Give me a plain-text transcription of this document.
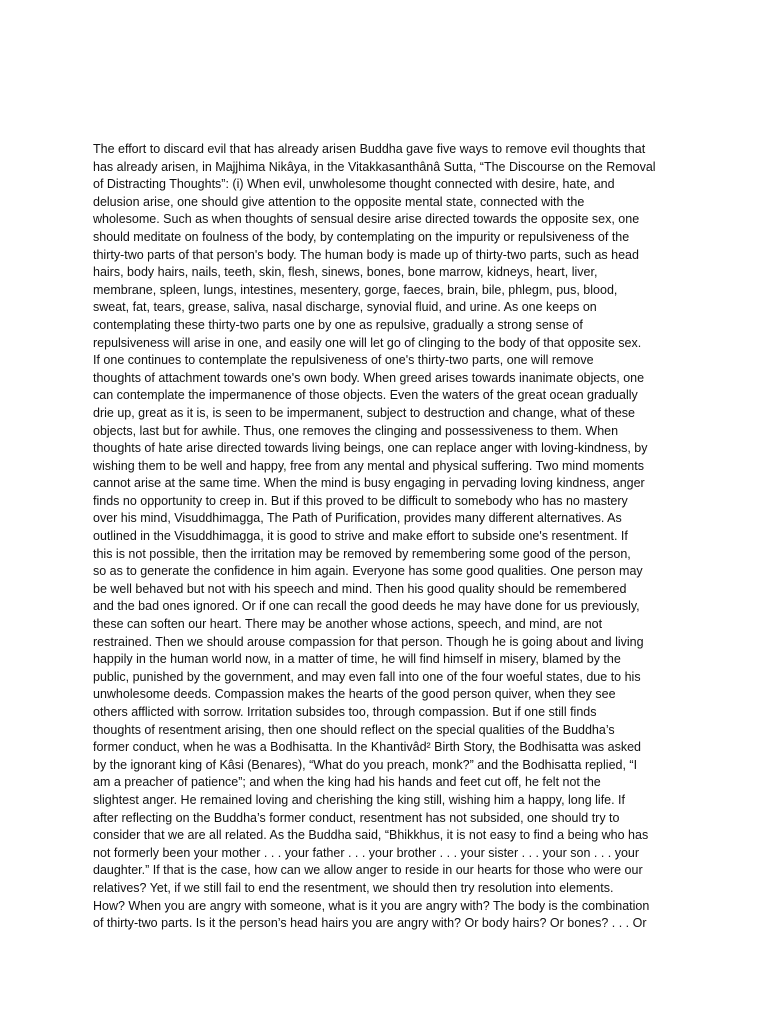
The effort to discard evil that has already arisen Buddha gave five ways to remove evil thoughts that
has already arisen, in Majjhima Nikâya, in the Vitakkasanthânâ Sutta, “The Discourse on the Removal
of Distracting Thoughts”: (i) When evil, unwholesome thought connected with desire, hate, and
delusion arise, one should give attention to the opposite mental state, connected with the
wholesome. Such as when thoughts of sensual desire arise directed towards the opposite sex, one
should meditate on foulness of the body, by contemplating on the impurity or repulsiveness of the
thirty-two parts of that person's body. The human body is made up of thirty-two parts, such as head
hairs, body hairs, nails, teeth, skin, flesh, sinews, bones, bone marrow, kidneys, heart, liver,
membrane, spleen, lungs, intestines, mesentery, gorge, faeces, brain, bile, phlegm, pus, blood,
sweat, fat, tears, grease, saliva, nasal discharge, synovial fluid, and urine. As one keeps on
contemplating these thirty-two parts one by one as repulsive, gradually a strong sense of
repulsiveness will arise in one, and easily one will let go of clinging to the body of that opposite sex.
If one continues to contemplate the repulsiveness of one's thirty-two parts, one will remove
thoughts of attachment towards one's own body. When greed arises towards inanimate objects, one
can contemplate the impermanence of those objects. Even the waters of the great ocean gradually
drie up, great as it is, is seen to be impermanent, subject to destruction and change, what of these
objects, last but for awhile. Thus, one removes the clinging and possessiveness to them. When
thoughts of hate arise directed towards living beings, one can replace anger with loving-kindness, by
wishing them to be well and happy, free from any mental and physical suffering. Two mind moments
cannot arise at the same time. When the mind is busy engaging in pervading loving kindness, anger
finds no opportunity to creep in. But if this proved to be difficult to somebody who has no mastery
over his mind, Visuddhimagga, The Path of Purification, provides many different alternatives. As
outlined in the Visuddhimagga, it is good to strive and make effort to subside one's resentment. If
this is not possible, then the irritation may be removed by remembering some good of the person,
so as to generate the confidence in him again. Everyone has some good qualities. One person may
be well behaved but not with his speech and mind. Then his good quality should be remembered
and the bad ones ignored. Or if one can recall the good deeds he may have done for us previously,
these can soften our heart. There may be another whose actions, speech, and mind, are not
restrained. Then we should arouse compassion for that person. Though he is going about and living
happily in the human world now, in a matter of time, he will find himself in misery, blamed by the
public, punished by the government, and may even fall into one of the four woeful states, due to his
unwholesome deeds. Compassion makes the hearts of the good person quiver, when they see
others afflicted with sorrow. Irritation subsides too, through compassion. But if one still finds
thoughts of resentment arising, then one should reflect on the special qualities of the Buddha’s
former conduct, when he was a Bodhisatta. In the Khantivâd² Birth Story, the Bodhisatta was asked
by the ignorant king of Kâsi (Benares), “What do you preach, monk?” and the Bodhisatta replied, “I
am a preacher of patience”; and when the king had his hands and feet cut off, he felt not the
slightest anger. He remained loving and cherishing the king still, wishing him a happy, long life. If
after reflecting on the Buddha’s former conduct, resentment has not subsided, one should try to
consider that we are all related. As the Buddha said, “Bhikkhus, it is not easy to find a being who has
not formerly been your mother . . . your father . . . your brother . . . your sister . . . your son . . . your
daughter.” If that is the case, how can we allow anger to reside in our hearts for those who were our
relatives? Yet, if we still fail to end the resentment, we should then try resolution into elements.
How? When you are angry with someone, what is it you are angry with? The body is the combination
of thirty-two parts. Is it the person’s head hairs you are angry with? Or body hairs? Or bones? . . . Or
